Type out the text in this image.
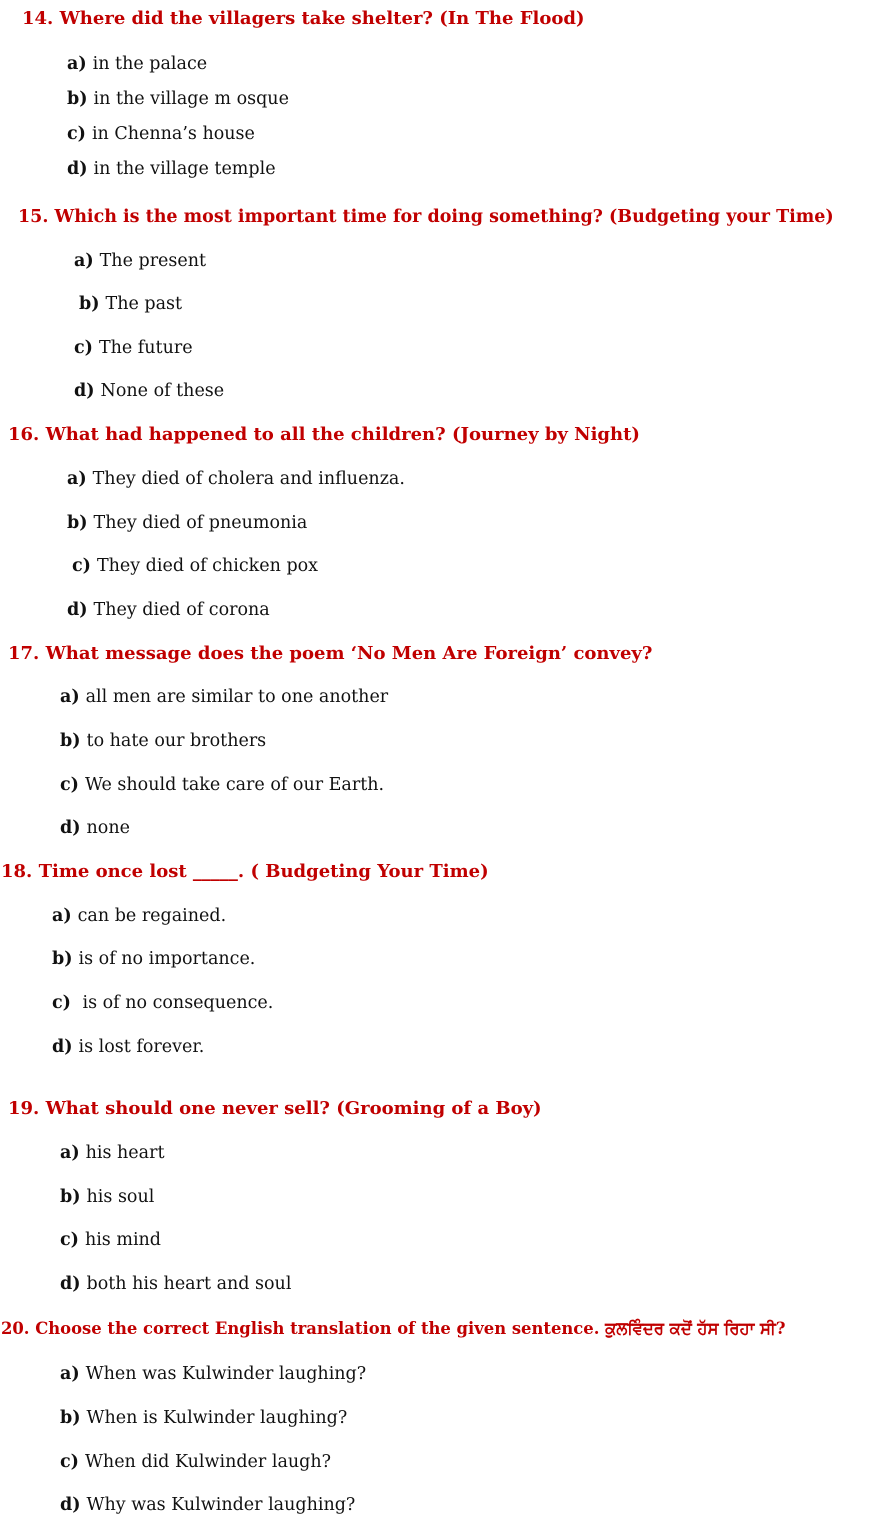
14. Where did the villagers take shelter? (In The Flood)
a) in the palace
b) in the village m osque
c) in Chenna’s house
d) in the village temple
15. Which is the most important time for doing something? (Budgeting your Time)
a) The present
b) The past
c) The future
d) None of these
16. What had happened to all the children? (Journey by Night)
a) They died of cholera and influenza.
b) They died of pneumonia
c) They died of chicken pox
d) They died of corona
17. What message does the poem ‘No Men Are Foreign’ convey?
a) all men are similar to one another
b) to hate our brothers
c) We should take care of our Earth.
d) none
18. Time once lost _____. ( Budgeting Your Time)
a) can be regained.
b) is of no importance.
c) is of no consequence.
d) is lost forever.
19. What should one never sell? (Grooming of a Boy)
a) his heart
b) his soul
c) his mind
d) both his heart and soul
20. Choose the correct English translation of the given sentence. ਕੁਲਵਿੰਦਰ ਕਦੋਂ ਹੱਸ ਰਿਹਾ ਸੀ?
a) When was Kulwinder laughing?
b) When is Kulwinder laughing?
c) When did Kulwinder laugh?
d) Why was Kulwinder laughing?
